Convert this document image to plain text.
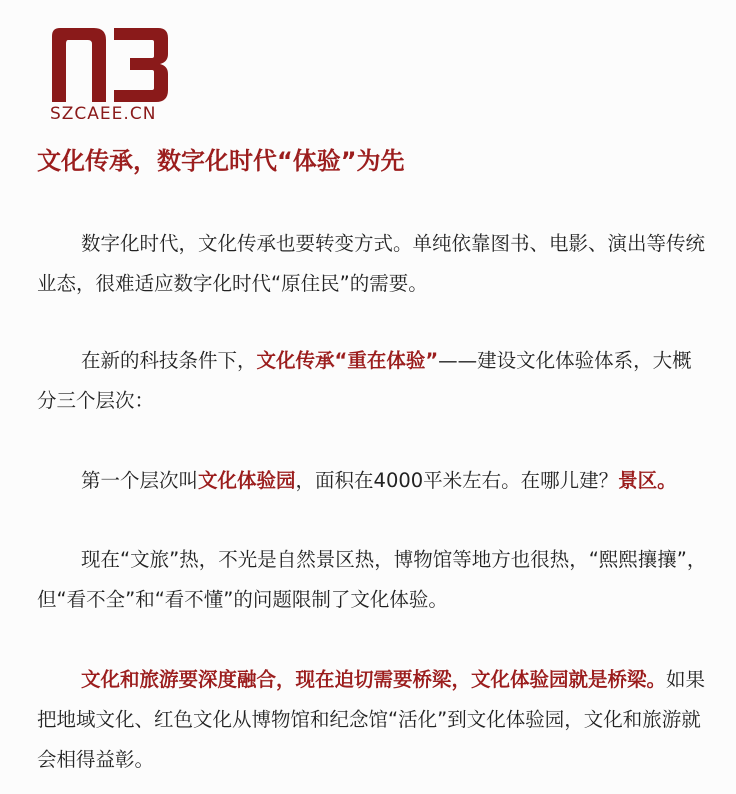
SZCAEE.CN
文化传承，数字化时代“体验”为先

数字化时代，文化传承也要转变方式。单纯依靠图书、电影、演出等传统业态，很难适应数字化时代“原住民”的需要。

在新的科技条件下，文化传承“重在体验”——建设文化体验体系，大概分三个层次：

第一个层次叫文化体验园，面积在4000平米左右。在哪儿建？景区。

现在“文旅”热，不光是自然景区热，博物馆等地方也很热，“熙熙攘攘”，但“看不全”和“看不懂”的问题限制了文化体验。

文化和旅游要深度融合，现在迫切需要桥梁，文化体验园就是桥梁。如果把地域文化、红色文化从博物馆和纪念馆“活化”到文化体验园，文化和旅游就会相得益彰。
